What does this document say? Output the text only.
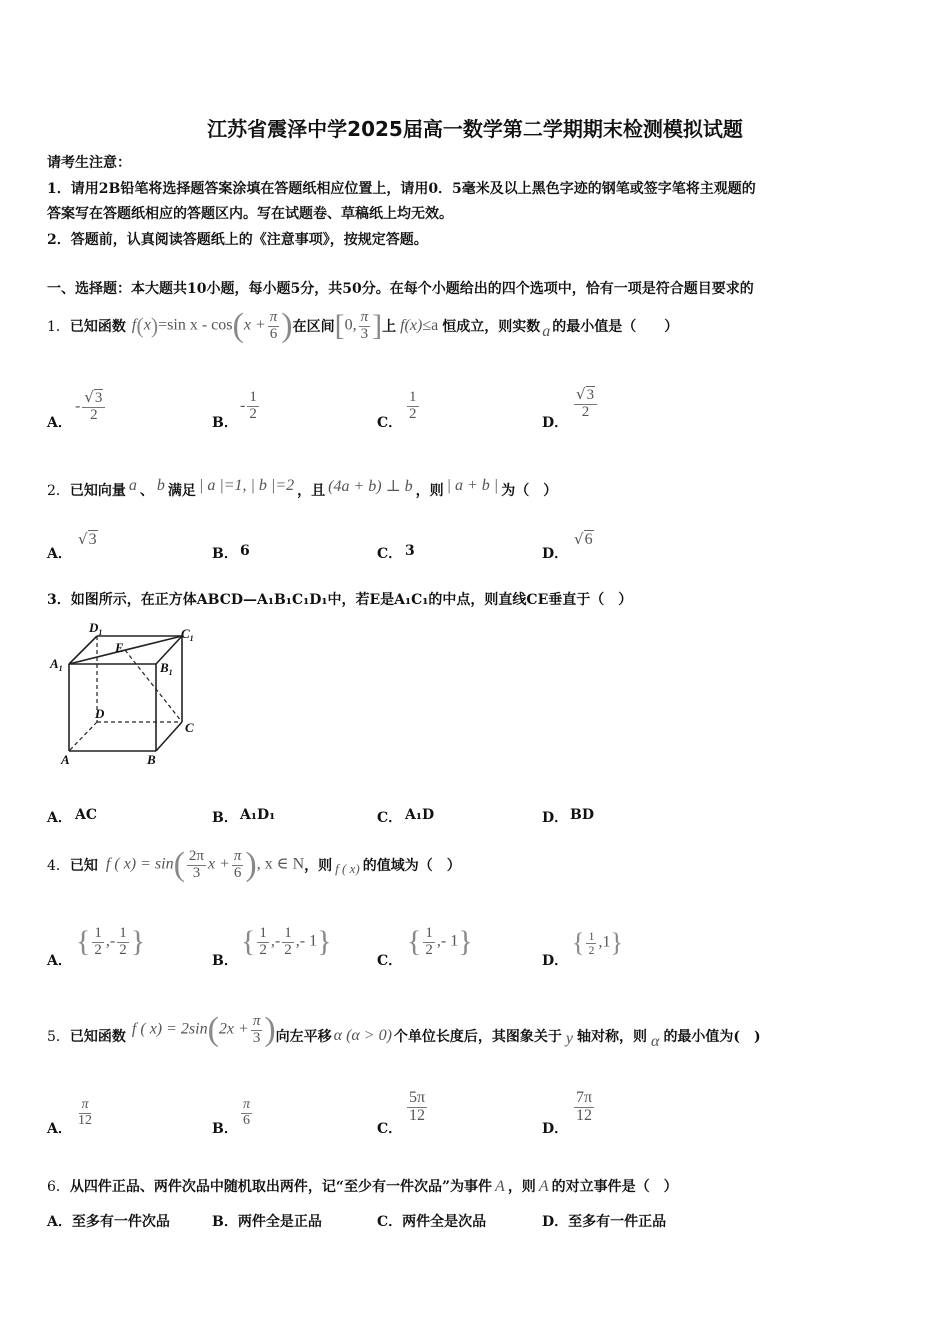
江苏省震泽中学2025届高一数学第二学期期末检测模拟试题
请考生注意：
1．请用2B铅笔将选择题答案涂填在答题纸相应位置上，请用0．5毫米及以上黑色字迹的钢笔或签字笔将主观题的
答案写在答题纸相应的答题区内。写在试题卷、草稿纸上均无效。
2．答题前，认真阅读答题纸上的《注意事项》，按规定答题。
一、选择题：本大题共10小题，每小题5分，共50分。在每个小题给出的四个选项中，恰有一项是符合题目要求的
1． 已知函数 f(x)=sin $x - \cos(x + \frac{\pi}{6}$ ) 在区间 [0, $\frac{\pi}{3}$ ] 上 f(x)≤a 恒成立，则实数 a 的最小值是（　　）
A．
- $\frac{√3}{2}$	B．
- $\frac{1}{2}$
C．
$\frac{1}{2}$
D．
$\frac{√3}{2}$
2． 已知向量 a 、 b 满足 | a |=1, | b |=2 ，且 (4a + b) ⊥ b ，则 | a + b | 为（　）
A．
√3
B． 6	C． 3	D．
√6
3．如图所示，在正方体ABCD—A₁B₁C₁D₁中，若E是A₁C₁的中点，则直线CE垂直于（　）
$D_1$	$C_1$
$A_1$	$B_1$
E
D
C
A	B
A． AC	B． A₁D₁	C． A₁D	D． BD
4． 已知 f ( $x) = \sin( \frac{2\pi}{3}$ $x + \frac{\pi}{6}$ ), x ∈ N ，则 f ( x) 的值域为（　）
A．
{ $\frac{1}{2}$ ,- $\frac{1}{2}$ }
B．
{ $\frac{1}{2}$ ,- $\frac{1}{2}$ ,- 1}
C．
{ $\frac{1}{2}$ ,- 1}
D．
{ $\frac{1}{2} ,1$}
5． 已知函数 f ( $x) = 2\sin(2x + \frac{\pi}{3}$ ) 向左平移 α (α > 0) 个单位长度后，其图象关于 y 轴对称，则 α 的最小值为(　)
A．
$\frac{\pi}{12}$
B．
$\frac{\pi}{6}$
C．
$\frac{5\pi}{12}$
D．
$\frac{7\pi}{12}$
6．从四件正品、两件次品中随机取出两件，记“至少有一件次品”为事件 A ，则 A 的对立事件是（　）
A．至多有一件次品	B．两件全是正品	C．两件全是次品	D．至多有一件正品
